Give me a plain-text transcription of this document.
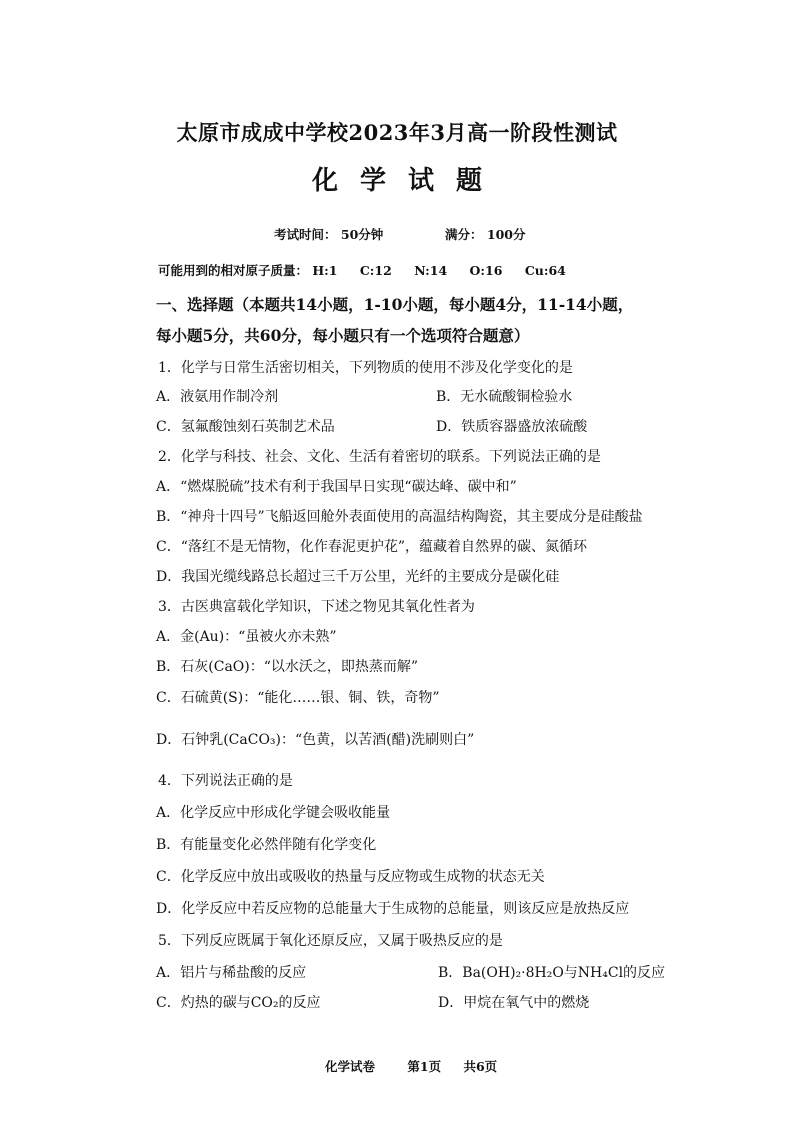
太原市成成中学校2023年3月高一阶段性测试
化学试题
考试时间： 50分钟	满分： 100分
可能用到的相对原子质量： H:1 C:12 N:14 O:16 Cu:64
一、选择题（本题共14小题，1-10小题，每小题4分，11-14小题，
每小题5分，共60分，每小题只有一个选项符合题意）
1．化学与日常生活密切相关，下列物质的使用不涉及化学变化的是
A．液氨用作制冷剂	B．无水硫酸铜检验水
C．氢氟酸蚀刻石英制艺术品	D．铁质容器盛放浓硫酸
2．化学与科技、社会、文化、生活有着密切的联系。下列说法正确的是
A．“燃煤脱硫”技术有利于我国早日实现“碳达峰、碳中和”
B．“神舟十四号”飞船返回舱外表面使用的高温结构陶瓷，其主要成分是硅酸盐
C．“落红不是无情物，化作春泥更护花”，蕴藏着自然界的碳、氮循环
D．我国光缆线路总长超过三千万公里，光纤的主要成分是碳化硅
3．古医典富载化学知识，下述之物见其氧化性者为
A．金(Au)：“虽被火亦未熟”
B．石灰(CaO)：“以水沃之，即热蒸而解”
C．石硫黄(S)：“能化……银、铜、铁，奇物”
D．石钟乳(CaCO₃)：“色黄，以苦酒(醋)洗刷则白”
4．下列说法正确的是
A．化学反应中形成化学键会吸收能量
B．有能量变化必然伴随有化学变化
C．化学反应中放出或吸收的热量与反应物或生成物的状态无关
D．化学反应中若反应物的总能量大于生成物的总能量，则该反应是放热反应
5．下列反应既属于氧化还原反应，又属于吸热反应的是
A．铝片与稀盐酸的反应	B．Ba(OH)₂·8H₂O与NH₄Cl的反应
C．灼热的碳与CO₂的反应	D．甲烷在氧气中的燃烧
化学试卷	第1页 共6页
